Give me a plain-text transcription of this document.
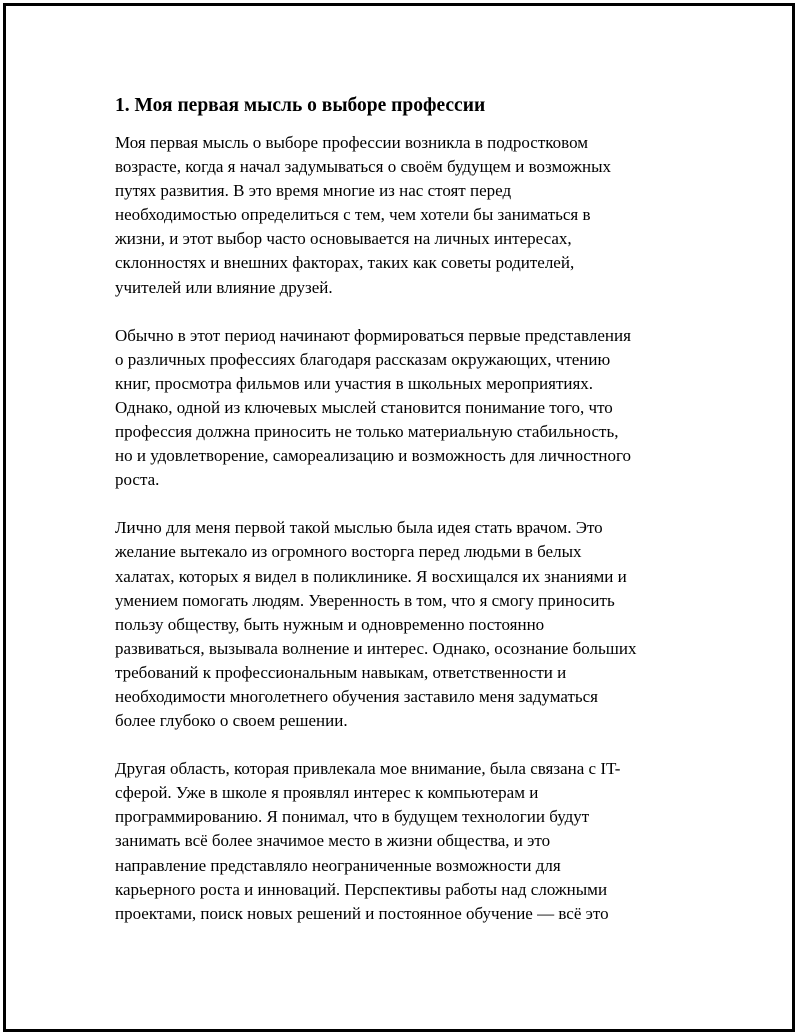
1. Моя первая мысль о выборе профессии

Моя первая мысль о выборе профессии возникла в подростковом
возрасте, когда я начал задумываться о своём будущем и возможных
путях развития. В это время многие из нас стоят перед
необходимостью определиться с тем, чем хотели бы заниматься в
жизни, и этот выбор часто основывается на личных интересах,
склонностях и внешних факторах, таких как советы родителей,
учителей или влияние друзей.

Обычно в этот период начинают формироваться первые представления
о различных профессиях благодаря рассказам окружающих, чтению
книг, просмотра фильмов или участия в школьных мероприятиях.
Однако, одной из ключевых мыслей становится понимание того, что
профессия должна приносить не только материальную стабильность,
но и удовлетворение, самореализацию и возможность для личностного
роста.

Лично для меня первой такой мыслью была идея стать врачом. Это
желание вытекало из огромного восторга перед людьми в белых
халатах, которых я видел в поликлинике. Я восхищался их знаниями и
умением помогать людям. Уверенность в том, что я смогу приносить
пользу обществу, быть нужным и одновременно постоянно
развиваться, вызывала волнение и интерес. Однако, осознание больших
требований к профессиональным навыкам, ответственности и
необходимости многолетнего обучения заставило меня задуматься
более глубоко о своем решении.

Другая область, которая привлекала мое внимание, была связана с IT-
сферой. Уже в школе я проявлял интерес к компьютерам и
программированию. Я понимал, что в будущем технологии будут
занимать всё более значимое место в жизни общества, и это
направление представляло неограниченные возможности для
карьерного роста и инноваций. Перспективы работы над сложными
проектами, поиск новых решений и постоянное обучение — всё это
